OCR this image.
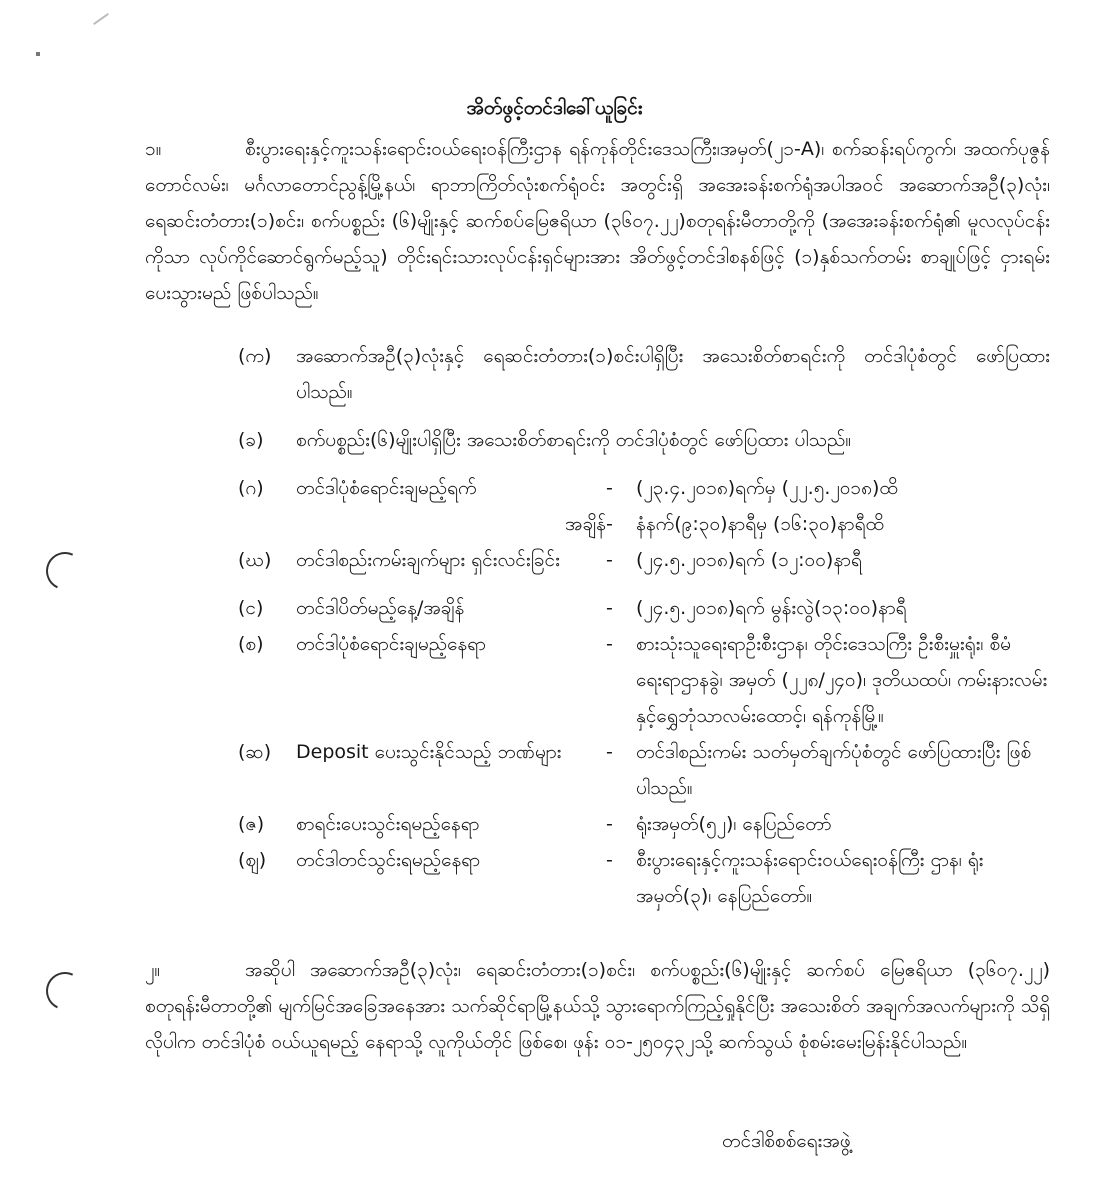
အိတ်ဖွင့်တင်ဒါခေါ်ယူခြင်း
၁။	စီးပွားရေးနှင့်ကူးသန်းရောင်းဝယ်ရေးဝန်ကြီးဌာန ရန်ကုန်တိုင်းဒေသကြီး၊အမှတ်(၂၁-A)၊ စက်ဆန်းရပ်ကွက်၊ အထက်ပုဇွန်တောင်လမ်း၊ မင်္ဂလာတောင်ညွန့်မြို့နယ်၊ ရာဘာကြိတ်လုံးစက်ရုံဝင်း အတွင်းရှိ အအေးခန်းစက်ရုံအပါအဝင် အဆောက်အဦ(၃)လုံး၊ ရေဆင်းတံတား(၁)စင်း၊ စက်ပစ္စည်း (၆)မျိုးနှင့် ဆက်စပ်မြေဧရိယာ (၃၆၀၇.၂၂)စတုရန်းမီတာတို့ကို (အအေးခန်းစက်ရုံ၏ မူလလုပ်ငန်း ကိုသာ လုပ်ကိုင်ဆောင်ရွက်မည့်သူ) တိုင်းရင်းသားလုပ်ငန်းရှင်များအား အိတ်ဖွင့်တင်ဒါစနစ်ဖြင့် (၁)နှစ်သက်တမ်း စာချုပ်ဖြင့် ငှားရမ်းပေးသွားမည် ဖြစ်ပါသည်။
(က)	အဆောက်အဦ(၃)လုံးနှင့် ရေဆင်းတံတား(၁)စင်းပါရှိပြီး အသေးစိတ်စာရင်းကို တင်ဒါပုံစံတွင် ဖော်ပြထားပါသည်။
(ခ)	စက်ပစ္စည်း(၆)မျိုးပါရှိပြီး အသေးစိတ်စာရင်းကို တင်ဒါပုံစံတွင် ဖော်ပြထား ပါသည်။
(ဂ)	တင်ဒါပုံစံရောင်းချမည့်ရက်	-	(၂၃.၄.၂၀၁၈)ရက်မှ (၂၂.၅.၂၀၁၈)ထိ
အချိန် -	နံနက်(၉:၃၀)နာရီမှ (၁၆:၃၀)နာရီထိ
(ဃ)	တင်ဒါစည်းကမ်းချက်များ ရှင်းလင်းခြင်း	-	(၂၄.၅.၂၀၁၈)ရက် (၁၂:၀၀)နာရီ
(င)	တင်ဒါပိတ်မည့်နေ့/အချိန်	-	(၂၄.၅.၂၀၁၈)ရက် မွန်းလွဲ(၁၃:၀၀)နာရီ
(စ)	တင်ဒါပုံစံရောင်းချမည့်နေရာ	-	စားသုံးသူရေးရာဦးစီးဌာန၊ တိုင်းဒေသကြီး ဦးစီးမှူးရုံး၊ စီမံရေးရာဌာနခွဲ၊ အမှတ် (၂၂၈/၂၄၀)၊ ဒုတိယထပ်၊ ကမ်းနားလမ်း နှင့်ရွှေဘုံသာလမ်းထောင့်၊ ရန်ကုန်မြို့။
(ဆ)	Deposit ပေးသွင်းနိုင်သည့် ဘဏ်များ	-	တင်ဒါစည်းကမ်း သတ်မှတ်ချက်ပုံစံတွင် ဖော်ပြထားပြီး ဖြစ်ပါသည်။
(ဇ)	စာရင်းပေးသွင်းရမည့်နေရာ	-	ရုံးအမှတ်(၅၂)၊ နေပြည်တော်
(ဈ)	တင်ဒါတင်သွင်းရမည့်နေရာ	-	စီးပွားရေးနှင့်ကူးသန်းရောင်းဝယ်ရေးဝန်ကြီး ဌာန၊ ရုံးအမှတ်(၃)၊ နေပြည်တော်။
၂။	အဆိုပါ အဆောက်အဦ(၃)လုံး၊ ရေဆင်းတံတား(၁)စင်း၊ စက်ပစ္စည်း(၆)မျိုးနှင့် ဆက်စပ် မြေဧရိယာ (၃၆၀၇.၂၂) စတုရန်းမီတာတို့၏ မျက်မြင်အခြေအနေအား သက်ဆိုင်ရာမြို့နယ်သို့ သွားရောက်ကြည့်ရှုနိုင်ပြီး အသေးစိတ် အချက်အလက်များကို သိရှိလိုပါက တင်ဒါပုံစံ ဝယ်ယူရမည့် နေရာသို့ လူကိုယ်တိုင် ဖြစ်စေ၊ ဖုန်း ၀၁-၂၅၀၄၃၂သို့ ဆက်သွယ် စုံစမ်းမေးမြန်းနိုင်ပါသည်။
တင်ဒါစိစစ်ရေးအဖွဲ့
